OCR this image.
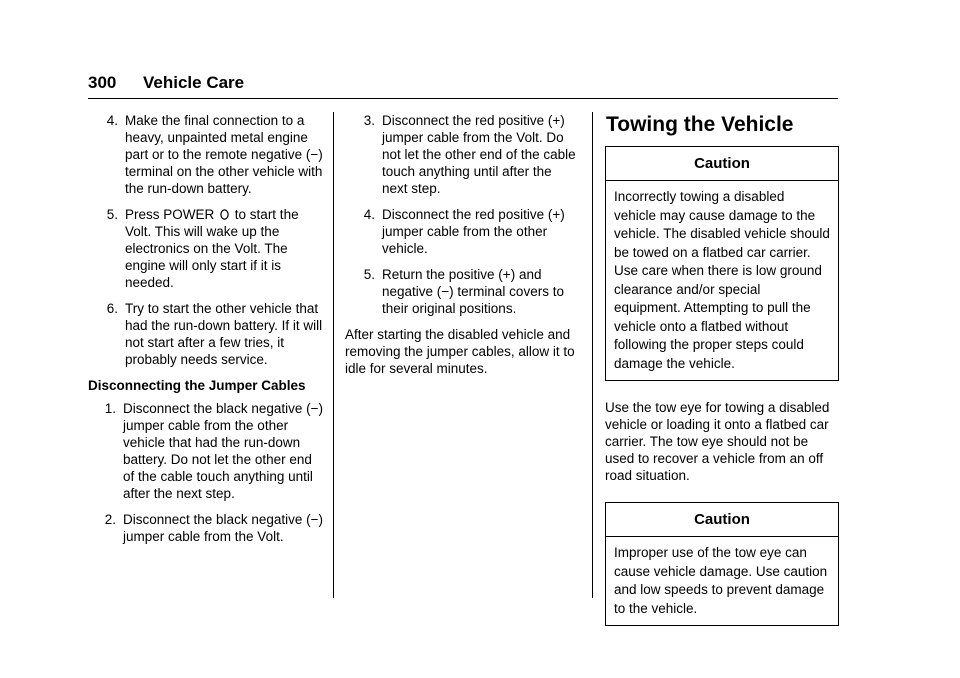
300 Vehicle Care
4. Make the final connection to a heavy, unpainted metal engine part or to the remote negative (−) terminal on the other vehicle with the run-down battery.
5. Press POWER to start the Volt. This will wake up the electronics on the Volt. The engine will only start if it is needed.
6. Try to start the other vehicle that had the run-down battery. If it will not start after a few tries, it probably needs service.
Disconnecting the Jumper Cables
1. Disconnect the black negative (−) jumper cable from the other vehicle that had the run-down battery. Do not let the other end of the cable touch anything until after the next step.
2. Disconnect the black negative (−) jumper cable from the Volt.
3. Disconnect the red positive (+) jumper cable from the Volt. Do not let the other end of the cable touch anything until after the next step.
4. Disconnect the red positive (+) jumper cable from the other vehicle.
5. Return the positive (+) and negative (−) terminal covers to their original positions.
After starting the disabled vehicle and removing the jumper cables, allow it to idle for several minutes.
Towing the Vehicle
Caution
Incorrectly towing a disabled vehicle may cause damage to the vehicle. The disabled vehicle should be towed on a flatbed car carrier. Use care when there is low ground clearance and/or special equipment. Attempting to pull the vehicle onto a flatbed without following the proper steps could damage the vehicle.
Use the tow eye for towing a disabled vehicle or loading it onto a flatbed car carrier. The tow eye should not be used to recover a vehicle from an off road situation.
Caution
Improper use of the tow eye can cause vehicle damage. Use caution and low speeds to prevent damage to the vehicle.
